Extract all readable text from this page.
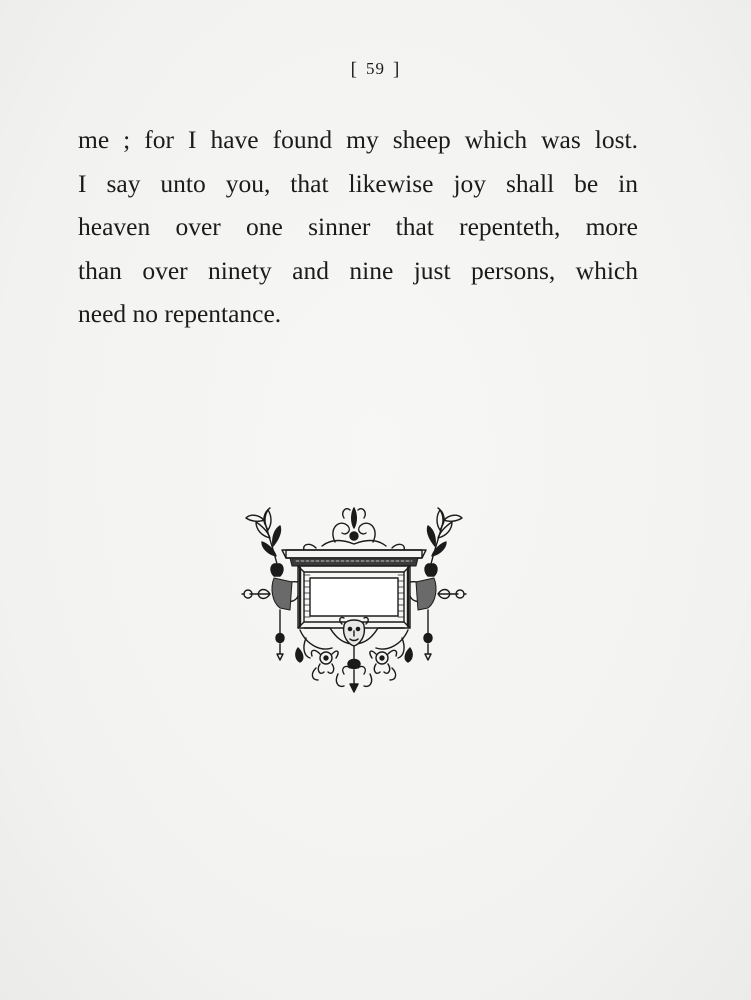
[ 59 ]
me ; for I have found my sheep which was lost.
I say unto you, that likewise joy shall be in
heaven over one sinner that repenteth, more
than over ninety and nine just persons, which
need no repentance.
